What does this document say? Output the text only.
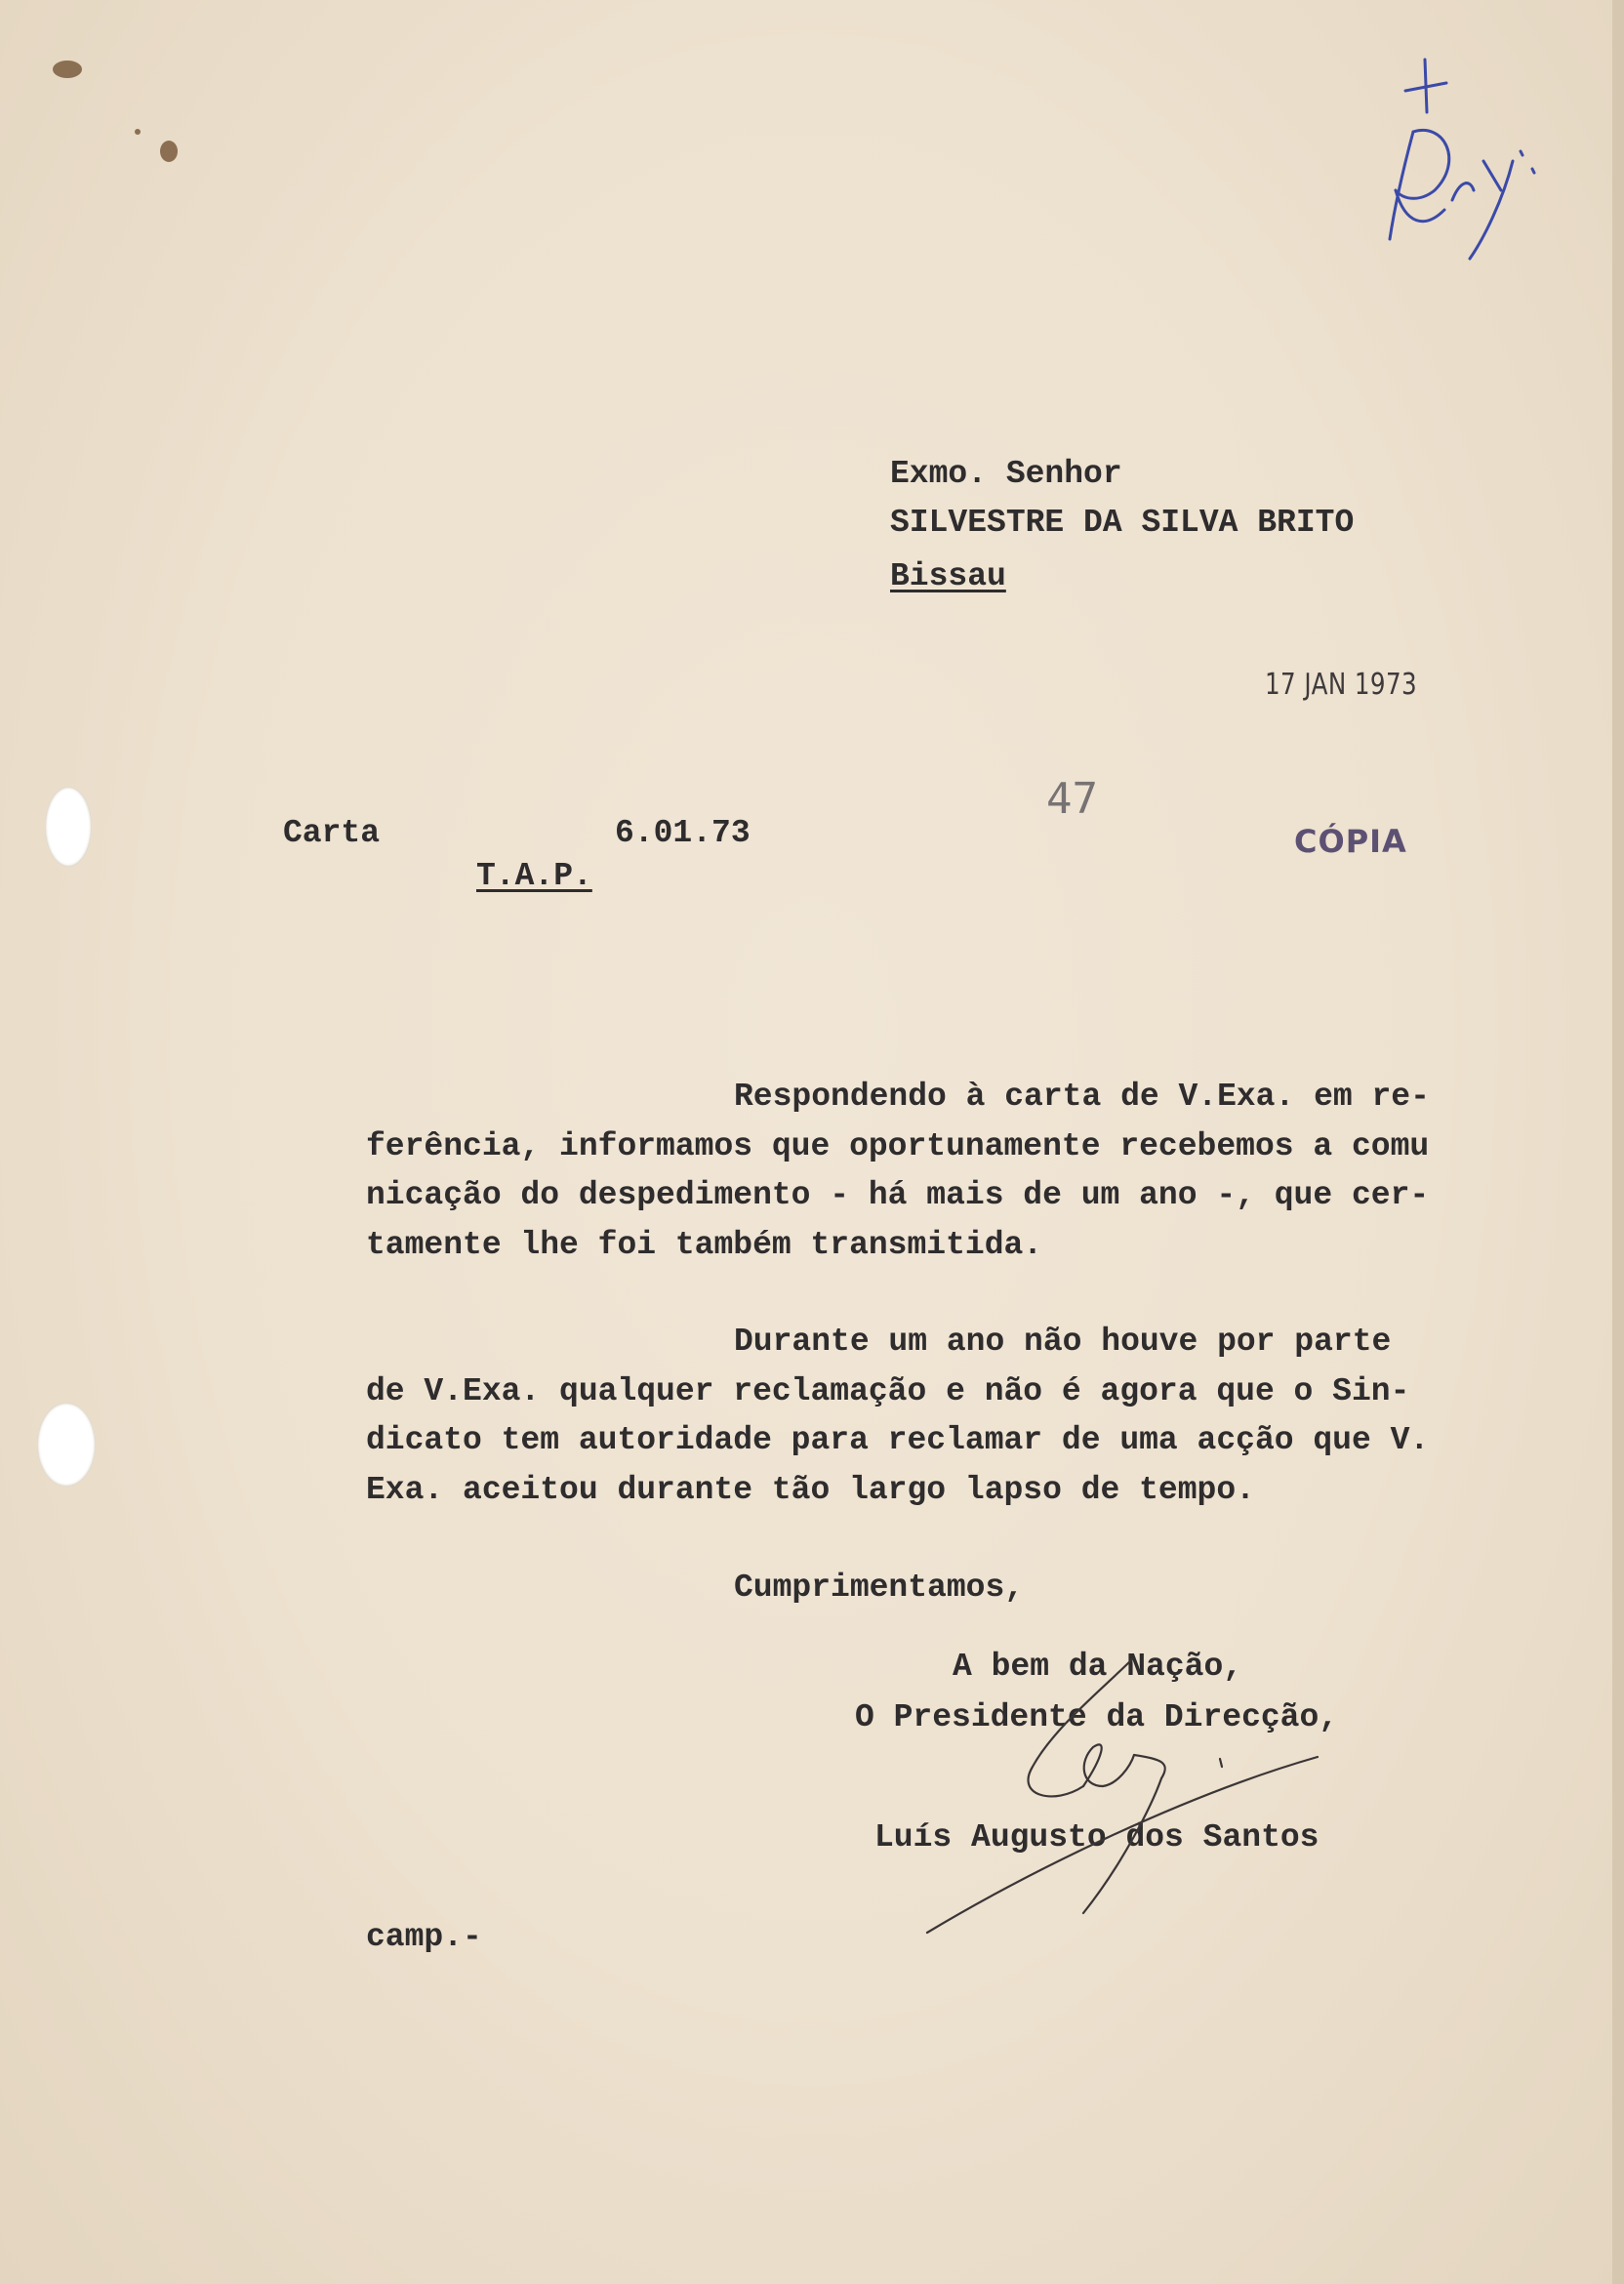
Exmo. Senhor

SILVESTRE DA SILVA BRITO

Bissau

17 JAN 1973

Carta	6.01.73

T.A.P.

47
CÓPIA

Respondendo à carta de V.Exa. em re-

ferência, informamos que oportunamente recebemos a comu

nicação do despedimento - há mais de um ano -, que cer-

tamente lhe foi também transmitida.

Durante um ano não houve por parte

de V.Exa. qualquer reclamação e não é agora que o Sin-

dicato tem autoridade para reclamar de uma acção que V.

Exa. aceitou durante tão largo lapso de tempo.

Cumprimentamos,

A bem da Nação,

O Presidente da Direcção,

Luís Augusto dos Santos

camp.-
